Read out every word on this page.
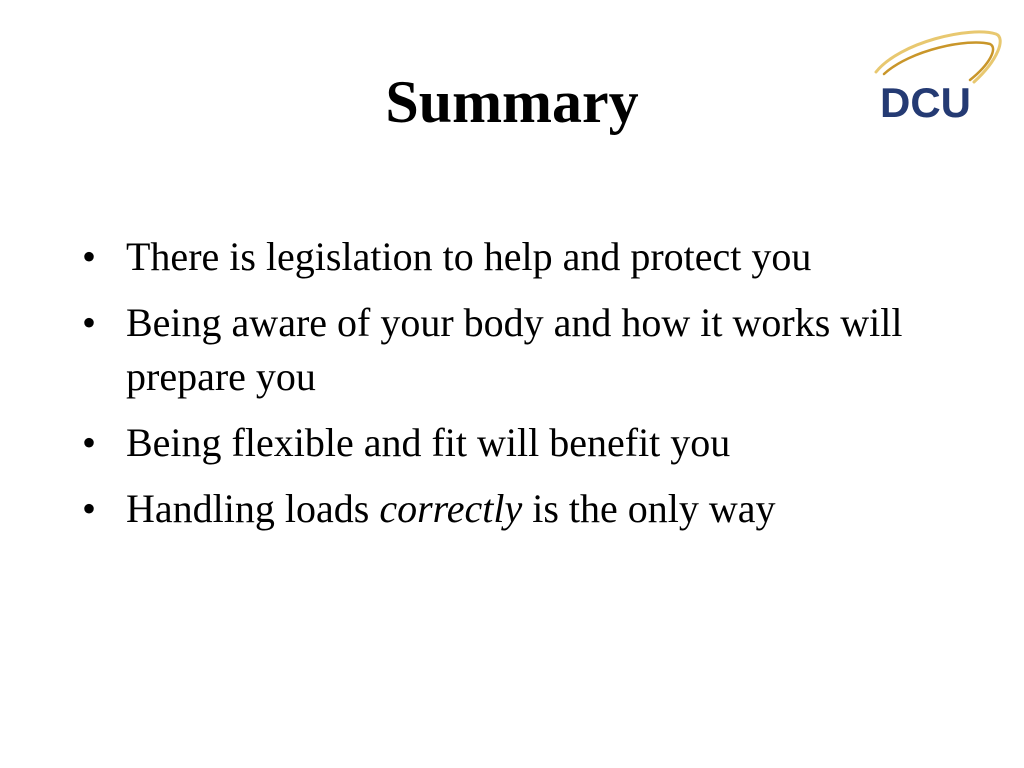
Summary	DCU
• There is legislation to help and protect you
• Being aware of your body and how it works will prepare you
• Being flexible and fit will benefit you
• Handling loads correctly is the only way
